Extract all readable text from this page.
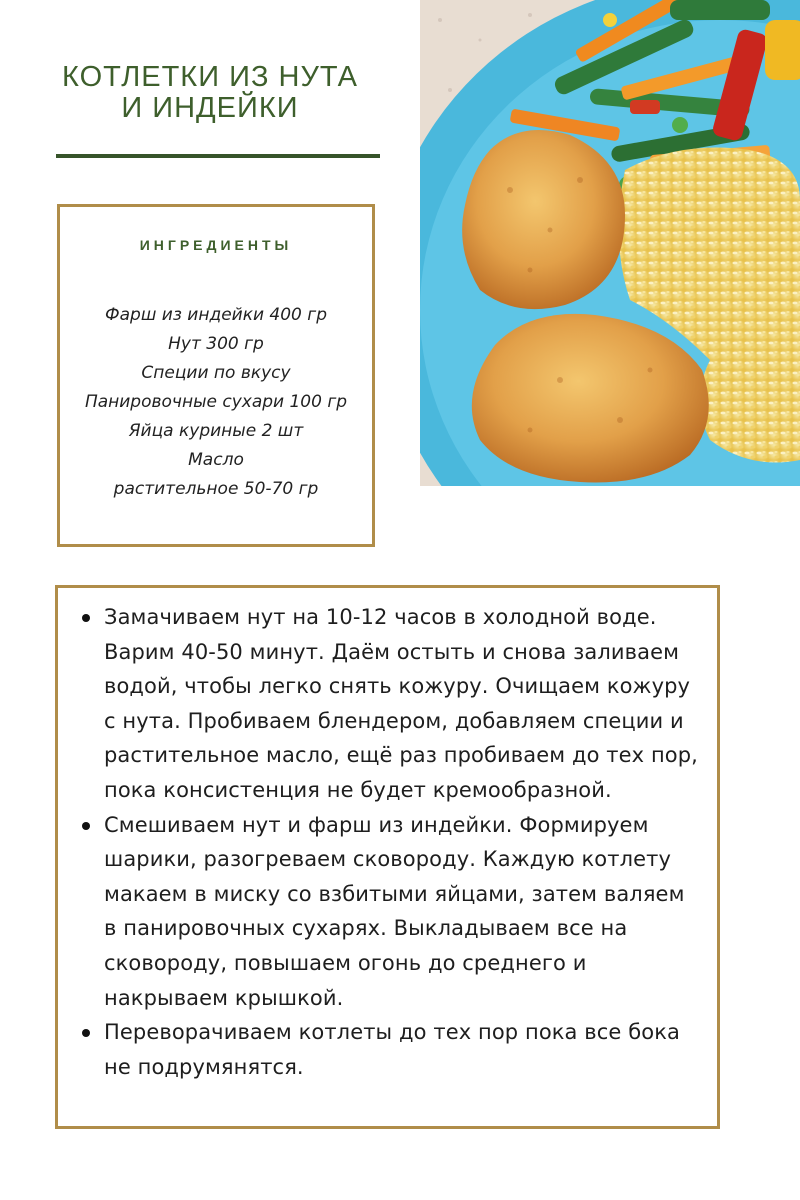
КОТЛЕТКИ ИЗ НУТА
И ИНДЕЙКИ
ИНГРЕДИЕНТЫ
Фарш из индейки 400 гр
Нут 300 гр
Специи по вкусу
Панировочные сухари 100 гр
Яйца куриные 2 шт
Масло
растительное 50-70 гр
Замачиваем нут на 10-12 часов в холодной воде. Варим 40-50 минут. Даём остыть и снова заливаем водой, чтобы легко снять кожуру. Очищаем кожуру с нута. Пробиваем блендером, добавляем специи и растительное масло, ещё раз пробиваем до тех пор, пока консистенция не будет кремообразной.
Смешиваем нут и фарш из индейки. Формируем шарики, разогреваем сковороду. Каждую котлету макаем в миску со взбитыми яйцами, затем валяем в панировочных сухарях. Выкладываем все на сковороду, повышаем огонь до среднего и накрываем крышкой.
Переворачиваем котлеты до тех пор пока все бока не подрумянятся.
